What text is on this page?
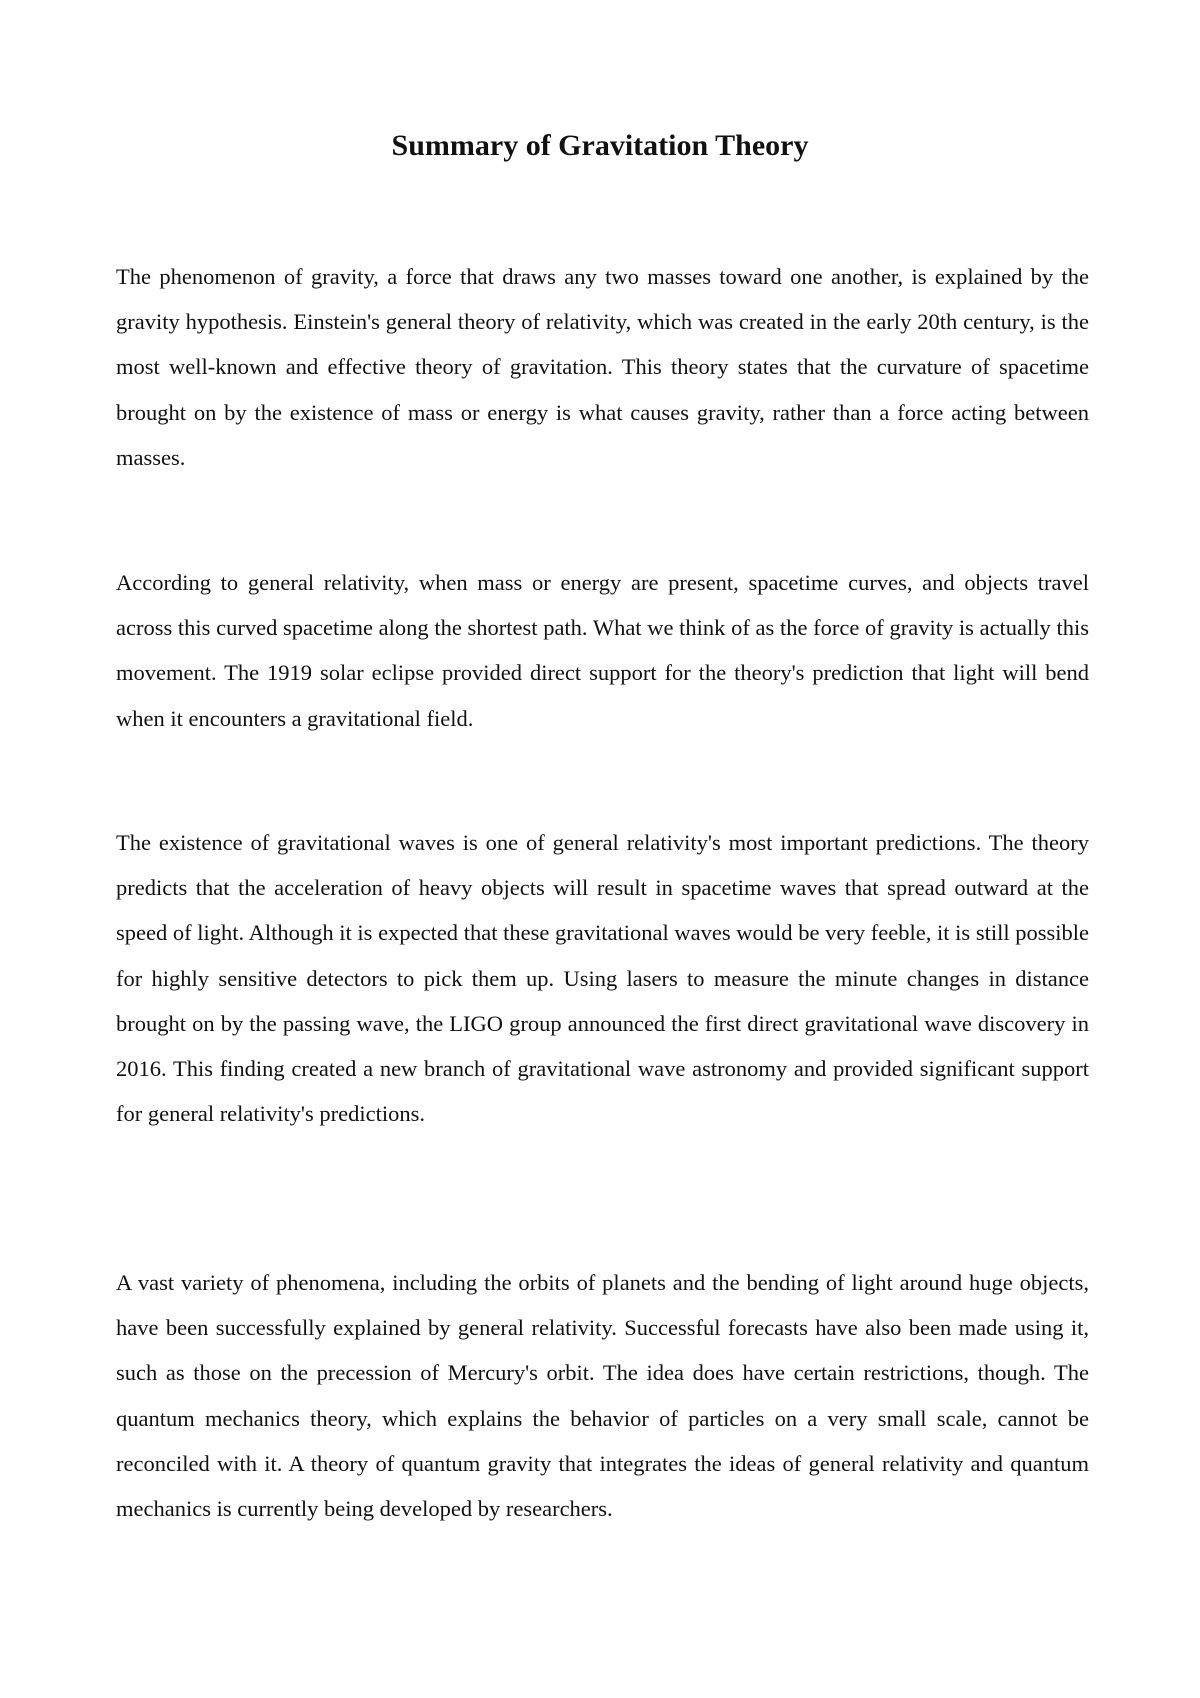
Summary of Gravitation Theory

The phenomenon of gravity, a force that draws any two masses toward one another, is explained by the gravity hypothesis. Einstein's general theory of relativity, which was created in the early 20th century, is the most well-known and effective theory of gravitation. This theory states that the curvature of spacetime brought on by the existence of mass or energy is what causes gravity, rather than a force acting between masses.

According to general relativity, when mass or energy are present, spacetime curves, and objects travel across this curved spacetime along the shortest path. What we think of as the force of gravity is actually this movement. The 1919 solar eclipse provided direct support for the theory's prediction that light will bend when it encounters a gravitational field.

The existence of gravitational waves is one of general relativity's most important predictions. The theory predicts that the acceleration of heavy objects will result in spacetime waves that spread outward at the speed of light. Although it is expected that these gravitational waves would be very feeble, it is still possible for highly sensitive detectors to pick them up. Using lasers to measure the minute changes in distance brought on by the passing wave, the LIGO group announced the first direct gravitational wave discovery in 2016. This finding created a new branch of gravitational wave astronomy and provided significant support for general relativity's predictions.

A vast variety of phenomena, including the orbits of planets and the bending of light around huge objects, have been successfully explained by general relativity. Successful forecasts have also been made using it, such as those on the precession of Mercury's orbit. The idea does have certain restrictions, though. The quantum mechanics theory, which explains the behavior of particles on a very small scale, cannot be reconciled with it. A theory of quantum gravity that integrates the ideas of general relativity and quantum mechanics is currently being developed by researchers.
